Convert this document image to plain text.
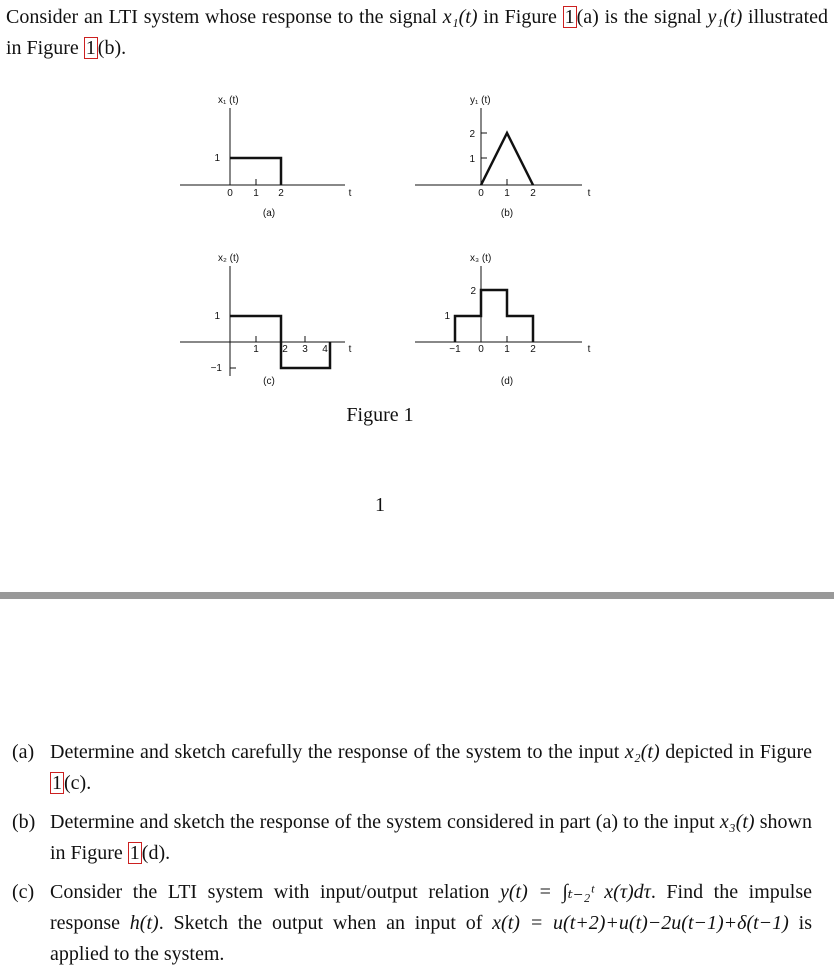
Consider an LTI system whose response to the signal x₁(t) in Figure 1 (a) is the signal y₁(t) illustrated in Figure 1 (b).
x₁ (t)
1
0 1 2	t
(a)
y₁ (t)
2
1
0 1 2	t
(b)
x₂ (t)
1
−1
1 2 3 4 t
(c)
x₃ (t)
2
1
−1 0 1 2	t
(d)
Figure 1
1
(a) Determine and sketch carefully the response of the system to the input x₂(t) depicted in Figure 1 (c).
(b) Determine and sketch the response of the system considered in part (a) to the input x₃(t) shown in Figure 1 (d).
(c) Consider the LTI system with input/output relation y(t) = ∫ₜ₋₂ᵗ x(τ)dτ. Find the impulse response h(t). Sketch the output when an input of x(t) = u(t+2)+u(t)−2u(t−1)+δ(t−1) is applied to the system.
